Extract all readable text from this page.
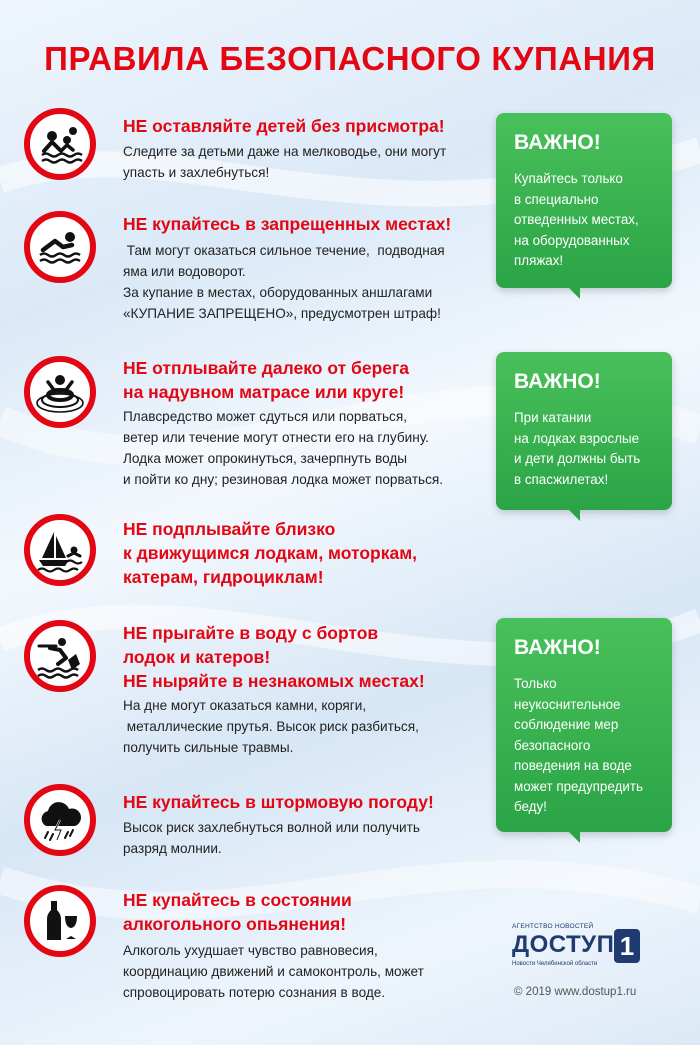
ПРАВИЛА БЕЗОПАСНОГО КУПАНИЯ
НЕ оставляйте детей без присмотра!
Следите за детьми даже на мелководье, они могут
упасть и захлебнуться!
НЕ купайтесь в запрещенных местах!
Там могут оказаться сильное течение,  подводная
яма или водоворот.
За купание в местах, оборудованных аншлагами
«КУПАНИЕ ЗАПРЕЩЕНО», предусмотрен штраф!
НЕ отплывайте далеко от берега
на надувном матрасе или круге!
Плавсредство может сдуться или порваться,
ветер или течение могут отнести его на глубину.
Лодка может опрокинуться, зачерпнуть воды
и пойти ко дну; резиновая лодка может порваться.
НЕ подплывайте близко
к движущимся лодкам, моторкам,
катерам, гидроциклам!
НЕ прыгайте в воду с бортов
лодок и катеров!
НЕ ныряйте в незнакомых местах!
На дне могут оказаться камни, коряги,
металлические прутья. Высок риск разбиться,
получить сильные травмы.
НЕ купайтесь в штормовую погоду!
Высок риск захлебнуться волной или получить
разряд молнии.
НЕ купайтесь в состоянии
алкогольного опьянения!
Алкоголь ухудшает чувство равновесия,
координацию движений и самоконтроль, может
спровоцировать потерю сознания в воде.
ВАЖНО!
Купайтесь только
в специально
отведенных местах,
на оборудованных
пляжах!
ВАЖНО!
При катании
на лодках взрослые
и дети должны быть
в спасжилетах!
ВАЖНО!
Только
неукоснительное
соблюдение мер
безопасного
поведения на воде
может предупредить
беду!
АГЕНТСТВО НОВОСТЕЙ
ДОСТУП
Новости Челябинской области
1
© 2019 www.dostup1.ru
